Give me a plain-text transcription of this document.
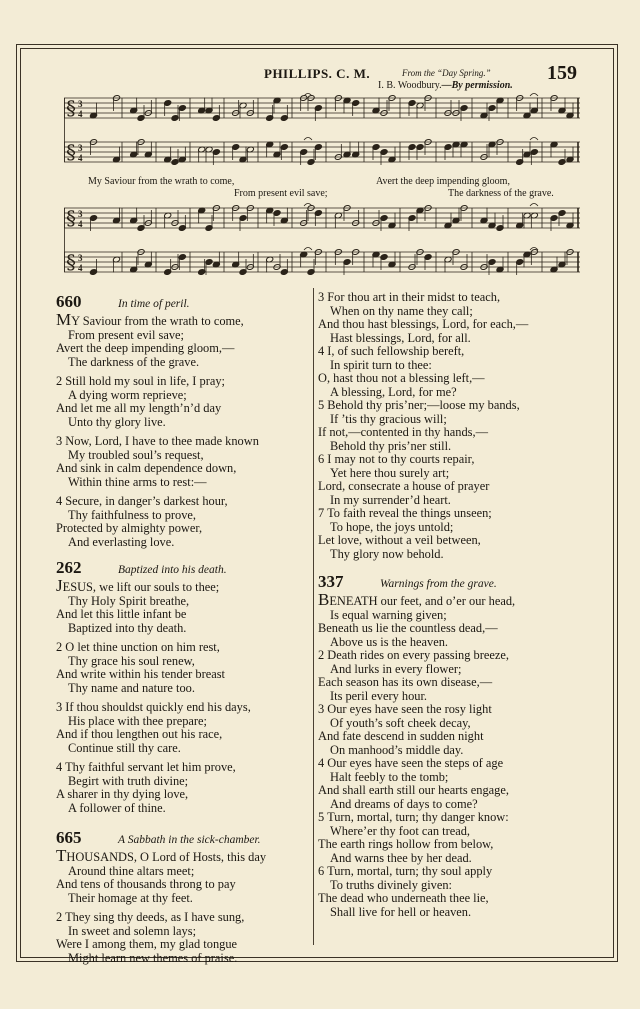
PHILLIPS. C. M.	From the “Day Spring.”	159
I. B. Woodbury.—By permission.
§ 3
4
§ 3
4
§ 3
4
§ 3
4
My Saviour from the wrath to come,
From present evil save;
Avert the deep impending gloom,
The darkness of the grave.
660	In time of peril.

MY Saviour from the wrath to come,

From present evil save;

Avert the deep impending gloom,—

The darkness of the grave.

2 Still hold my soul in life, I pray;

A dying worm reprieve;

And let me all my length’n’d day

Unto thy glory live.

3 Now, Lord, I have to thee made known

My troubled soul’s request,

And sink in calm dependence down,

Within thine arms to rest:—

4 Secure, in danger’s darkest hour,

Thy faithfulness to prove,

Protected by almighty power,

And everlasting love.

262	Baptized into his death.

JESUS, we lift our souls to thee;

Thy Holy Spirit breathe,

And let this little infant be

Baptized into thy death.

2 O let thine unction on him rest,

Thy grace his soul renew,

And write within his tender breast

Thy name and nature too.

3 If thou shouldst quickly end his days,

His place with thee prepare;

And if thou lengthen out his race,

Continue still thy care.

4 Thy faithful servant let him prove,

Begirt with truth divine;

A sharer in thy dying love,

A follower of thine.

665	A Sabbath in the sick-chamber.

THOUSANDS, O Lord of Hosts, this day

Around thine altars meet;

And tens of thousands throng to pay

Their homage at thy feet.

2 They sing thy deeds, as I have sung,

In sweet and solemn lays;

Were I among them, my glad tongue

Might learn new themes of praise.

3 For thou art in their midst to teach,

When on thy name they call;

And thou hast blessings, Lord, for each,—

Hast blessings, Lord, for all.

4 I, of such fellowship bereft,

In spirit turn to thee:

O, hast thou not a blessing left,—

A blessing, Lord, for me?

5 Behold thy pris’ner;—loose my bands,

If ’tis thy gracious will;

If not,—contented in thy hands,—

Behold thy pris’ner still.

6 I may not to thy courts repair,

Yet here thou surely art;

Lord, consecrate a house of prayer

In my surrender’d heart.

7 To faith reveal the things unseen;

To hope, the joys untold;

Let love, without a veil between,

Thy glory now behold.

337	Warnings from the grave.

BENEATH our feet, and o’er our head,

Is equal warning given;

Beneath us lie the countless dead,—

Above us is the heaven.

2 Death rides on every passing breeze,

And lurks in every flower;

Each season has its own disease,—

Its peril every hour.

3 Our eyes have seen the rosy light

Of youth’s soft cheek decay,

And fate descend in sudden night

On manhood’s middle day.

4 Our eyes have seen the steps of age

Halt feebly to the tomb;

And shall earth still our hearts engage,

And dreams of days to come?

5 Turn, mortal, turn; thy danger know:

Where’er thy foot can tread,

The earth rings hollow from below,

And warns thee by her dead.

6 Turn, mortal, turn; thy soul apply

To truths divinely given:

The dead who underneath thee lie,

Shall live for hell or heaven.
